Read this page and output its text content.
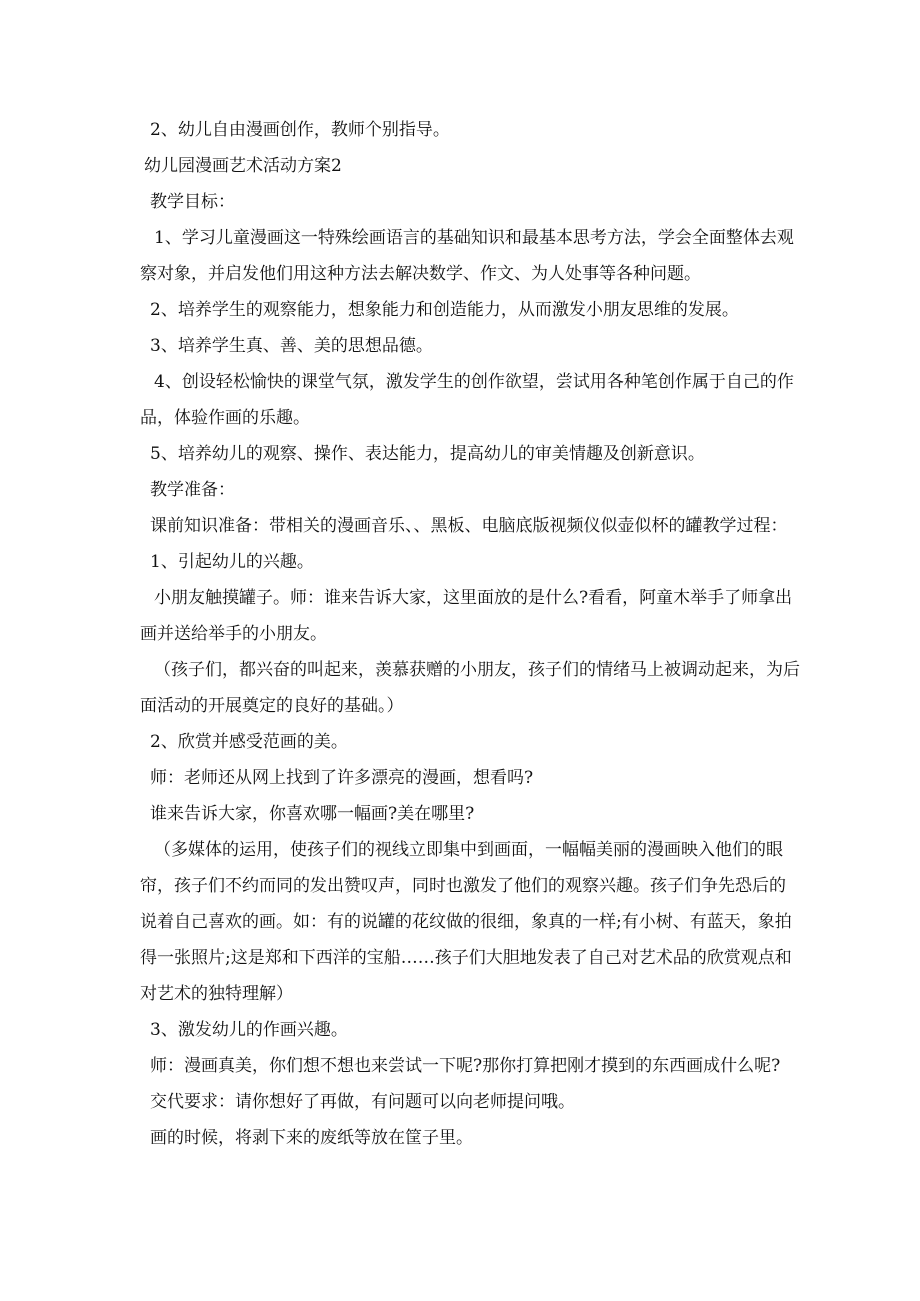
2、幼儿自由漫画创作，教师个别指导。

幼儿园漫画艺术活动方案2

教学目标：

1、学习儿童漫画这一特殊绘画语言的基础知识和最基本思考方法，学会全面整体去观察对象，并启发他们用这种方法去解决数学、作文、为人处事等各种问题。

2、培养学生的观察能力，想象能力和创造能力，从而激发小朋友思维的发展。

3、培养学生真、善、美的思想品德。

4、创设轻松愉快的课堂气氛，激发学生的创作欲望，尝试用各种笔创作属于自己的作品，体验作画的乐趣。

5、培养幼儿的观察、操作、表达能力，提高幼儿的审美情趣及创新意识。

教学准备：

课前知识准备：带相关的漫画音乐、、黑板、电脑底版视频仪似壶似杯的罐教学过程：

1、引起幼儿的兴趣。

小朋友触摸罐子。师：谁来告诉大家，这里面放的是什么?看看，阿童木举手了师拿出画并送给举手的小朋友。

（孩子们，都兴奋的叫起来，羡慕获赠的小朋友，孩子们的情绪马上被调动起来，为后面活动的开展奠定的良好的基础。）

2、欣赏并感受范画的美。

师：老师还从网上找到了许多漂亮的漫画，想看吗?

谁来告诉大家，你喜欢哪一幅画?美在哪里?

（多媒体的运用，使孩子们的视线立即集中到画面，一幅幅美丽的漫画映入他们的眼帘，孩子们不约而同的发出赞叹声，同时也激发了他们的观察兴趣。孩子们争先恐后的说着自己喜欢的画。如：有的说罐的花纹做的很细，象真的一样;有小树、有蓝天，象拍得一张照片;这是郑和下西洋的宝船……孩子们大胆地发表了自己对艺术品的欣赏观点和对艺术的独特理解）

3、激发幼儿的作画兴趣。

师：漫画真美，你们想不想也来尝试一下呢?那你打算把刚才摸到的东西画成什么呢?

交代要求：请你想好了再做，有问题可以向老师提问哦。

画的时候，将剥下来的废纸等放在筐子里。
